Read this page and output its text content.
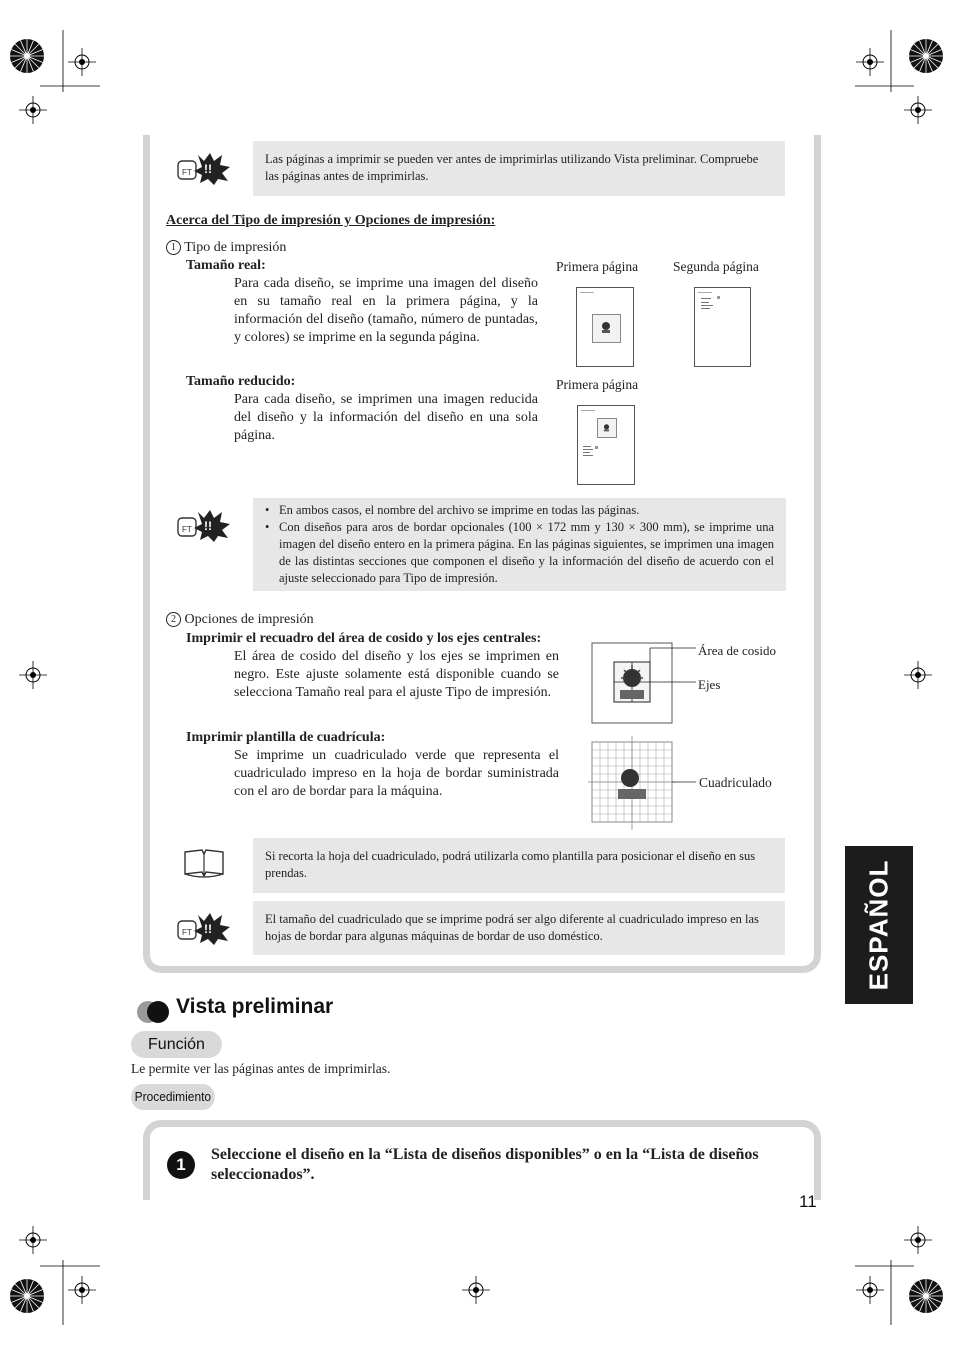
FT !!
Las páginas a imprimir se pueden ver antes de imprimirlas utilizando Vista preliminar. Compruebe las páginas antes de imprimirlas.
Acerca del Tipo de impresión y Opciones de impresión:
1 Tipo de impresión
Tamaño real:
Para cada diseño, se imprime una imagen del diseño en su tamaño real en la primera página, y la información del diseño (tamaño, número de puntadas, y colores) se imprime en la segunda página.
Tamaño reducido:
Para cada diseño, se imprimen una imagen reducida del diseño y la información del diseño en una sola página.
Primera página	Segunda página
Primera página
FT !!
• En ambos casos, el nombre del archivo se imprime en todas las páginas.
• Con diseños para aros de bordar opcionales (100 × 172 mm y 130 × 300 mm), se imprime una imagen del diseño entero en la primera página. En las páginas siguientes, se imprimen una imagen de las distintas secciones que componen el diseño y la información del diseño de acuerdo con el ajuste seleccionado para Tipo de impresión.
2 Opciones de impresión
Imprimir el recuadro del área de cosido y los ejes centrales:
El área de cosido del diseño y los ejes se imprimen en negro. Este ajuste solamente está disponible cuando se selecciona Tamaño real para el ajuste Tipo de impresión.
Imprimir plantilla de cuadrícula:
Se imprime un cuadriculado verde que representa el cuadriculado impreso en la hoja de bordar suministrada con el aro de bordar para la máquina.
Área de cosido
Ejes
Cuadriculado
Si recorta la hoja del cuadriculado, podrá utilizarla como plantilla para posicionar el diseño en sus prendas.
FT !!
El tamaño del cuadriculado que se imprime podrá ser algo diferente al cuadriculado impreso en las hojas de bordar para algunas máquinas de bordar de uso doméstico.	ESPAÑOL
Vista preliminar
Función
Le permite ver las páginas antes de imprimirlas.
Procedimiento
1
Seleccione el diseño en la “Lista de diseños disponibles” o en la “Lista de diseños seleccionados”.
11
